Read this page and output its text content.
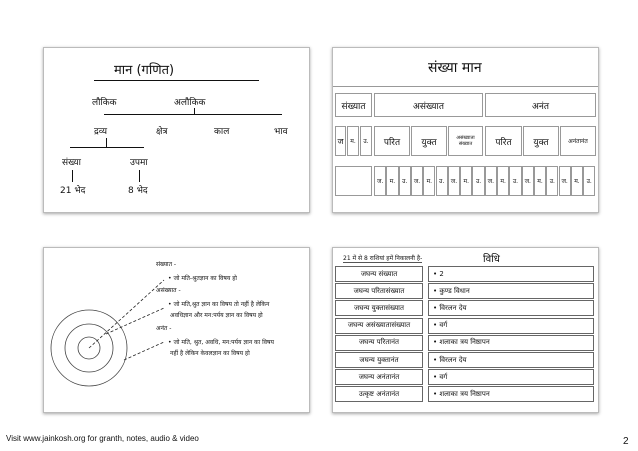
मान (गणित)
लौकिक	अलौकिक
द्रव्य	क्षेत्र	काल	भाव
संख्या	उपमा
21 भेद	8 भेद
संख्या मान
संख्यात	असंख्यात	अनंत
ज	म.	उ.	परित	युक्त	असंख्याता संख्यात	परित	युक्त	अनंतानंत
ज.	म.	उ.	ज.	म.	उ.	ज.	म.	उ.	ज.	म.	उ.	ज.	म.	उ.	ज.	म.	उ.
संख्यात -
• जो मति-श्रुतज्ञान का विषय हो
असंख्यात -
• जो मति,श्रुत ज्ञान का विषय तो नहीं है लेकिन
अवधिज्ञान और मन:पर्यय ज्ञान का विषय हो
अनंत -
• जो मति, श्रुत, अवधि, मन:पर्यय ज्ञान का विषय
नहीं है लेकिन केवलज्ञान का विषय हो
21 में से 8 राशियां हमें निकालनी है-	विधि
जघन्य संख्यात	• 2
जघन्य परितासंख्यात	• कुण्ड विधान
जघन्य युक्तासंख्यात	• विरलन देय
जघन्य असंख्यातासंख्यात	• वर्ग
जघन्य परितानंत	• शलाका त्रय निष्ठापन
जघन्य युक्तानंत	• विरलन देय
जघन्य अनंतानंत	• वर्ग
उत्कृष्ट अनंतानंत	• शलाका त्रय निष्ठापन
Visit www.jainkosh.org for granth, notes, audio & video	2
